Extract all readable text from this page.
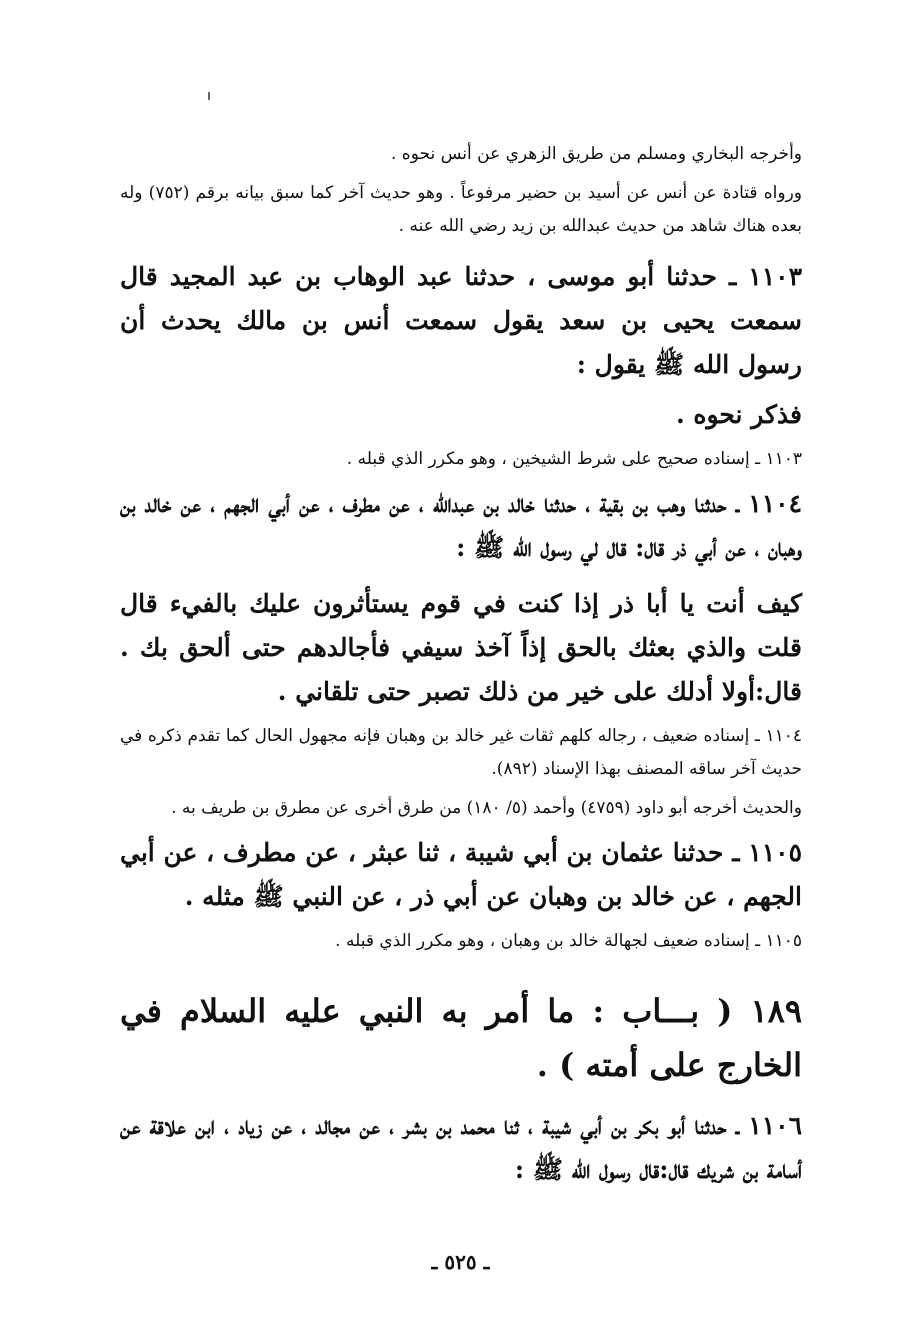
وأخرجه البخاري ومسلم من طريق الزهري عن أنس نحوه .

ورواه قتادة عن أنس عن أسيد بن حضير مرفوعاً . وهو حديث آخر كما سبق بيانه برقم (٧٥٢) وله بعده هناك شاهد من حديث عبدالله بن زيد رضي الله عنه .

١١٠٣ ـ حدثنا أبو موسى ، حدثنا عبد الوهاب بن عبد المجيد قال سمعت يحيى بن سعد يقول سمعت أنس بن مالك يحدث أن رسول الله ﷺ يقول :

فذكر نحوه .

١١٠٣ ـ إسناده صحيح على شرط الشيخين ، وهو مكرر الذي قبله .

١١٠٤ ـ حدثنا وهب بن بقية ، حدثنا خالد بن عبدالله ، عن مطرف ، عن أبي الجهم ، عن خالد بن وهبان ، عن أبي ذر قال: قال لي رسول الله ﷺ :

كيف أنت يا أبا ذر إذا كنت في قوم يستأثرون عليك بالفيء قال قلت والذي بعثك بالحق إذاً آخذ سيفي فأجالدهم حتى ألحق بك . قال:أولا أدلك على خير من ذلك تصبر حتى تلقاني .

١١٠٤ ـ إسناده ضعيف ، رجاله كلهم ثقات غير خالد بن وهبان فإنه مجهول الحال كما تقدم ذكره في حديث آخر ساقه المصنف بهذا الإسناد (٨٩٢).

والحديث أخرجه أبو داود (٤٧٥٩) وأحمد (٥/ ١٨٠) من طرق أخرى عن مطرق بن طريف به .

١١٠٥ ـ حدثنا عثمان بن أبي شيبة ، ثنا عبثر ، عن مطرف ، عن أبي الجهم ، عن خالد بن وهبان عن أبي ذر ، عن النبي ﷺ مثله .

١١٠٥ ـ إسناده ضعيف لجهالة خالد بن وهبان ، وهو مكرر الذي قبله .

١٨٩ ( بـــاب : ما أمر به النبي عليه السلام في الخارج على أمته ) .

١١٠٦ ـ حدثنا أبو بكر بن أبي شيبة ، ثنا محمد بن بشر ، عن مجالد ، عن زياد ، ابن علاقة عن أسامة بن شريك قال:قال رسول الله ﷺ :

ـ ٥٢٥ ـ
